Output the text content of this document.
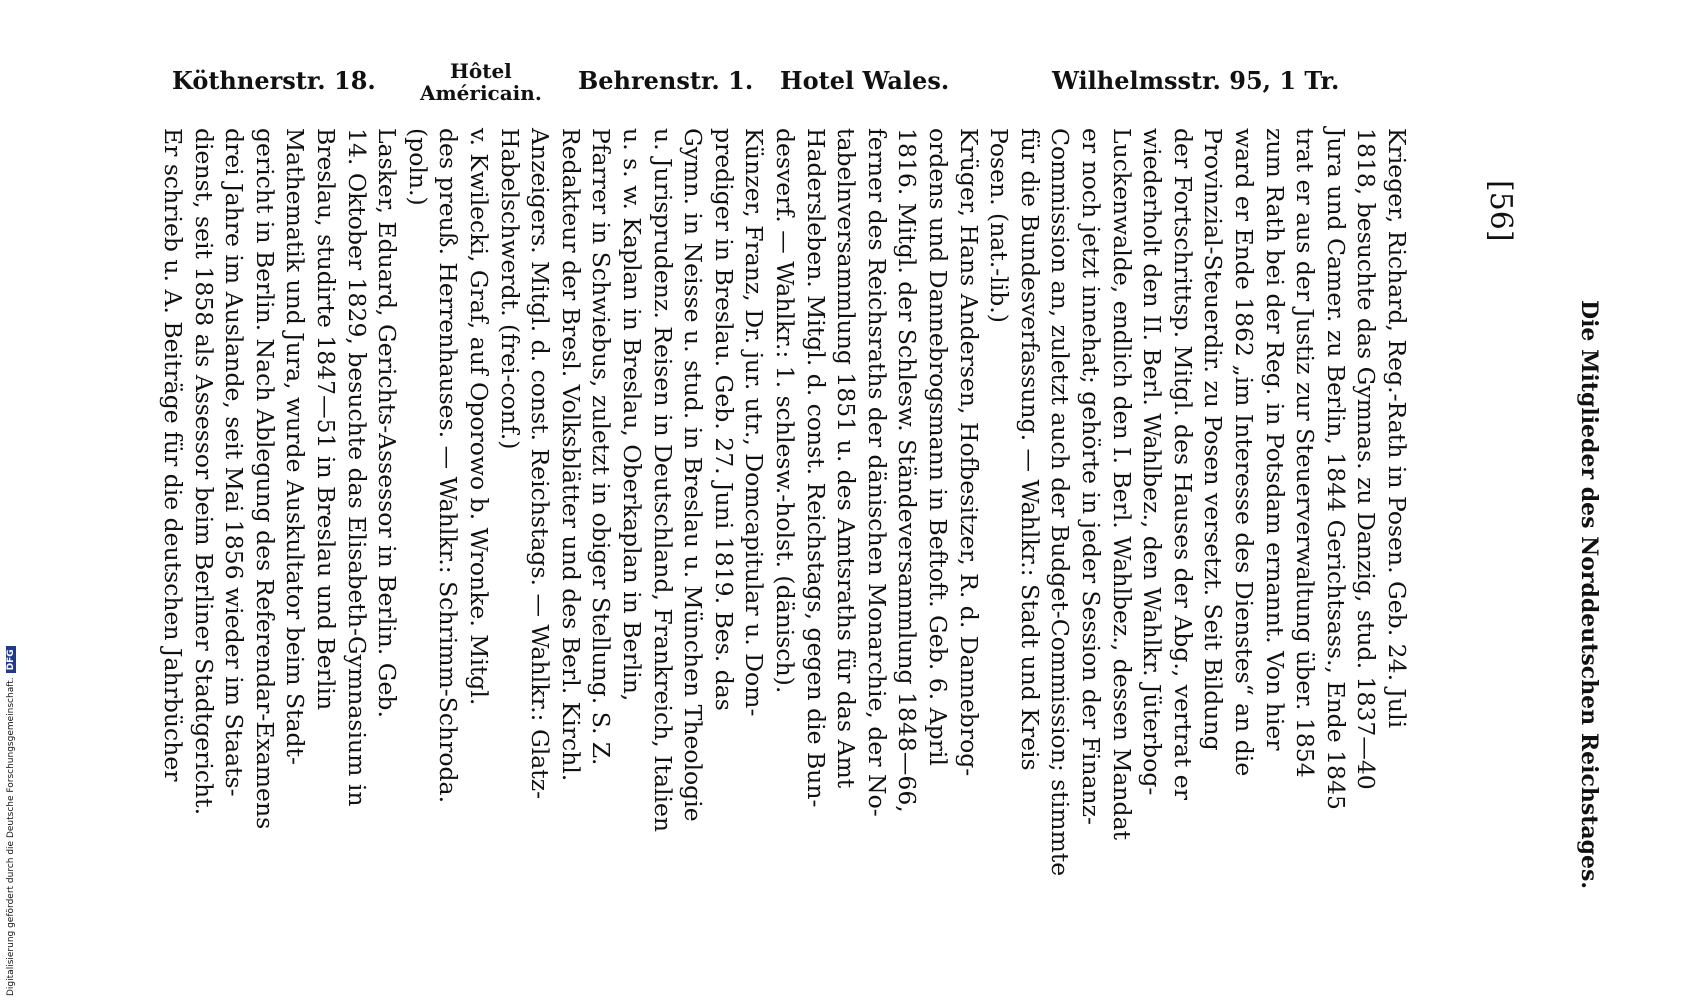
Köthnerstr. 18.	Hôtel
Américain. Behrenstr. 1. Hotel Wales.	Wilhelmsstr. 95, 1 Tr.
[56]
Die Mitglieder des Norddeutschen Reichstages.
Krieger, Richard, Reg.-Rath in Posen. Geb. 24. Juli
1818, besuchte das Gymnas. zu Danzig, stud. 1837—40
Jura und Camer. zu Berlin, 1844 Gerichtsass., Ende 1845
trat er aus der Justiz zur Steuerverwaltung über. 1854
zum Rath bei der Reg. in Potsdam ernannt. Von hier
ward er Ende 1862 „im Interesse des Dienstes“ an die
Provinzial-Steuerdir. zu Posen versetzt. Seit Bildung
der Fortschrittsp. Mitgl. des Hauses der Abg., vertrat er
wiederholt den II. Berl. Wahlbez., den Wahlkr. Jüterbog-
Luckenwalde, endlich den I. Berl. Wahlbez., dessen Mandat
er noch jetzt innehat; gehörte in jeder Session der Finanz-
Commission an, zuletzt auch der Budget-Commission; stimmte
für die Bundesverfassung. — Wahlkr.: Stadt und Kreis
Posen. (nat.-lib.)
Krüger, Hans Andersen, Hofbesitzer, R. d. Dannebrog-
ordens und Dannebrogsmann in Beftoft. Geb. 6. April
1816. Mitgl. der Schlesw. Ständeversammlung 1848—66,
ferner des Reichsraths der dänischen Monarchie, der No-
tabelnversammlung 1851 u. des Amtsraths für das Amt
Hadersleben. Mitgl. d. const. Reichstags, gegen die Bun-
desverf. — Wahlkr.: 1. schlesw.-holst. (dänisch).
Künzer, Franz, Dr. jur. utr., Domcapitular u. Dom-
prediger in Breslau. Geb. 27. Juni 1819. Bes. das
Gymn. in Neisse u. stud. in Breslau u. München Theologie
u. Jurisprudenz. Reisen in Deutschland, Frankreich, Italien
u. s. w. Kaplan in Breslau, Oberkaplan in Berlin,
Pfarrer in Schwiebus, zuletzt in obiger Stellung. S. Z.
Redakteur der Bresl. Volksblätter und des Berl. Kirchl.
Anzeigers. Mitgl. d. const. Reichstags. — Wahlkr.: Glatz-
Habelschwerdt. (frei-conf.)
v. Kwilecki, Graf, auf Oporowo b. Wronke. Mitgl.
des preuß. Herrenhauses. — Wahlkr.: Schrimm-Schroda.
(poln.)
Lasker, Eduard, Gerichts-Assessor in Berlin. Geb.
14. Oktober 1829, besuchte das Elisabeth-Gymnasium in
Breslau, studirte 1847—51 in Breslau und Berlin
Mathematik und Jura, wurde Auskultator beim Stadt-
gericht in Berlin. Nach Ablegung des Referendar-Examens
drei Jahre im Auslande, seit Mai 1856 wieder im Staats-
dienst, seit 1858 als Assessor beim Berliner Stadtgericht.
Er schrieb u. A. Beiträge für die deutschen Jahrbücher
Digitalisierung gefördert durch die Deutsche Forschungsgemeinschaft.DFG
